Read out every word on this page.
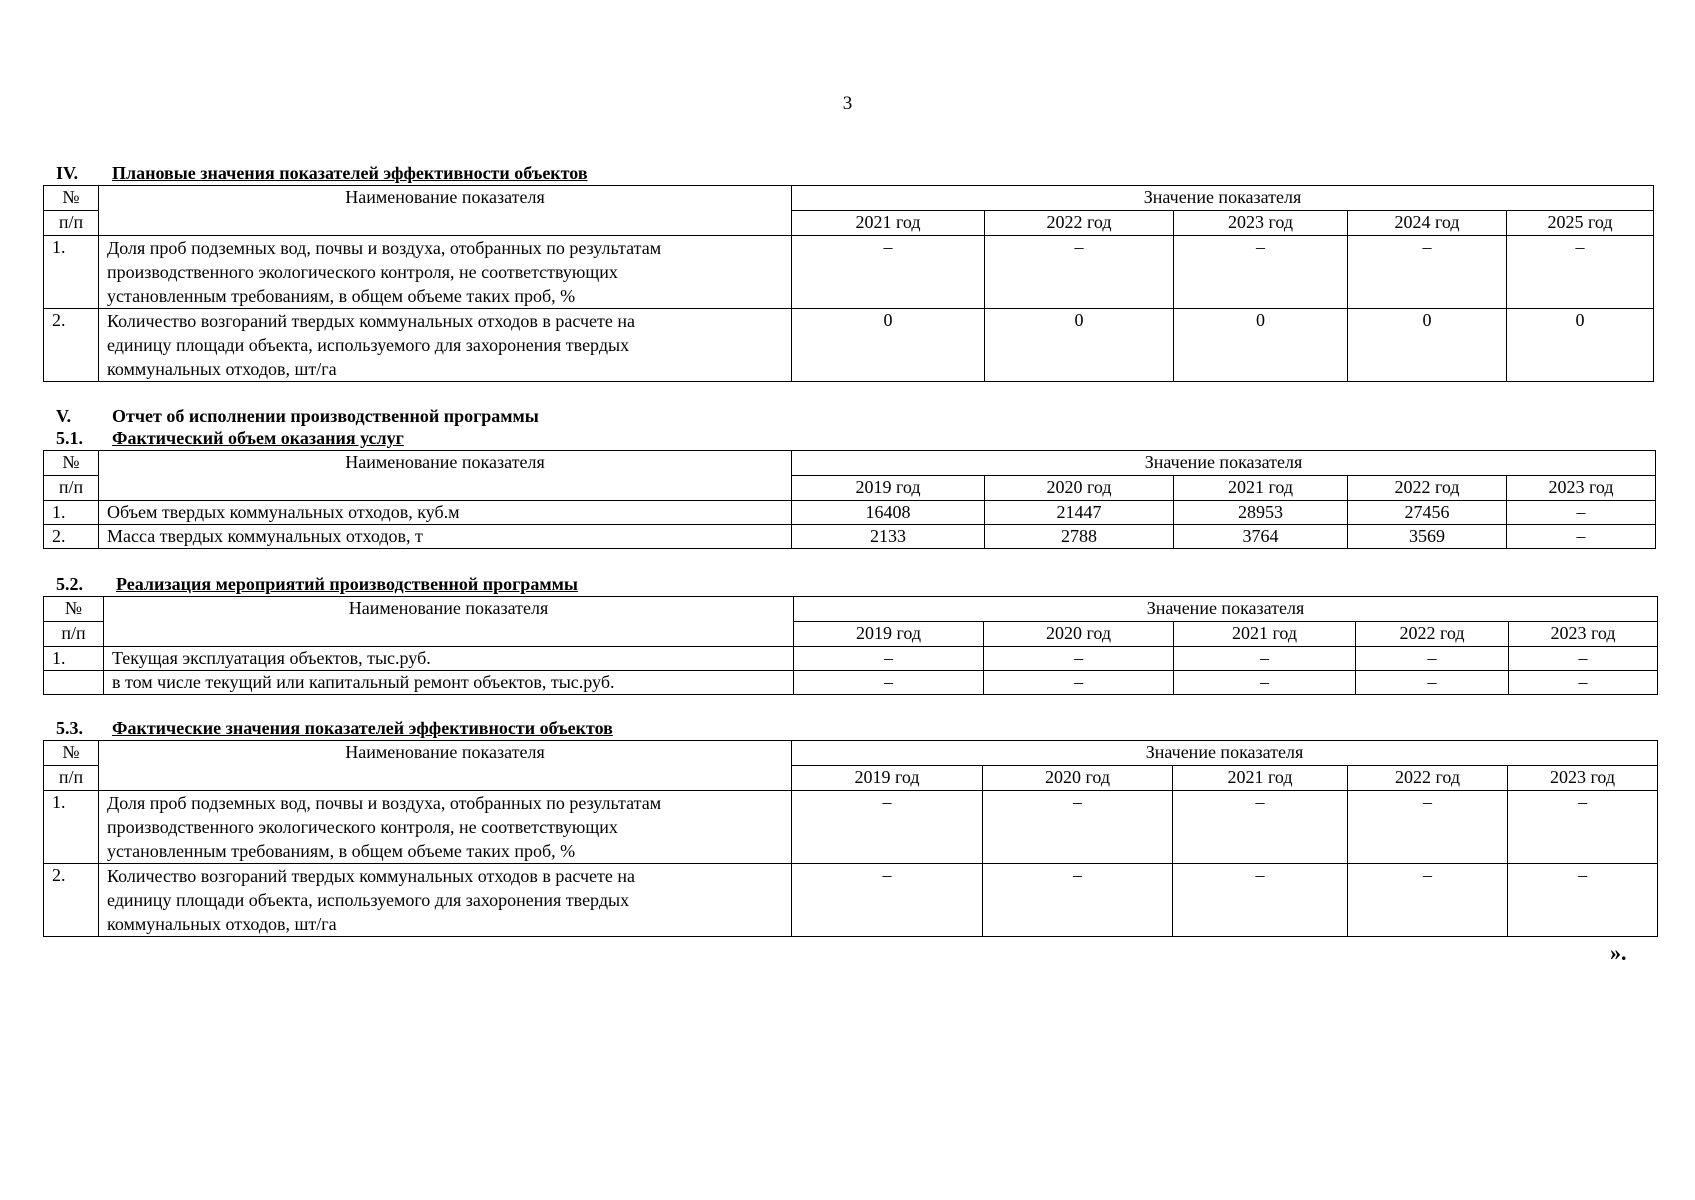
3
IV.	Плановые значения показателей эффективности объектов
№	Наименование показателя	Значение показателя				
п/п		2021 год	2022 год	2023 год	2024 год	2025 год
1.	Доля проб подземных вод, почвы и воздуха, отобранных по результатам
производственного экологического контроля, не соответствующих
установленным требованиям, в общем объеме таких проб, %	–	–	–	–	–
2.	Количество возгораний твердых коммунальных отходов в расчете на
единицу площади объекта, используемого для захоронения твердых
коммунальных отходов, шт/га	0	0	0	0	0
V.	Отчет об исполнении производственной программы
5.1.	Фактический объем оказания услуг
№	Наименование показателя	Значение показателя				
п/п		2019 год	2020 год	2021 год	2022 год	2023 год
1.	Объем твердых коммунальных отходов, куб.м	16408	21447	28953	27456	–
2.	Масса твердых коммунальных отходов, т	2133	2788	3764	3569	–
5.2.	Реализация мероприятий производственной программы
№	Наименование показателя	Значение показателя				
п/п		2019 год	2020 год	2021 год	2022 год	2023 год
1.	Текущая эксплуатация объектов, тыс.руб.	–	–	–	–	–
	в том числе текущий или капитальный ремонт объектов, тыс.руб.	–	–	–	–	–
5.3.	Фактические значения показателей эффективности объектов
№	Наименование показателя	Значение показателя				
п/п		2019 год	2020 год	2021 год	2022 год	2023 год
1.	Доля проб подземных вод, почвы и воздуха, отобранных по результатам
производственного экологического контроля, не соответствующих
установленным требованиям, в общем объеме таких проб, %	–	–	–	–	–
2.	Количество возгораний твердых коммунальных отходов в расчете на
единицу площади объекта, используемого для захоронения твердых
коммунальных отходов, шт/га	–	–	–	–	–
».
